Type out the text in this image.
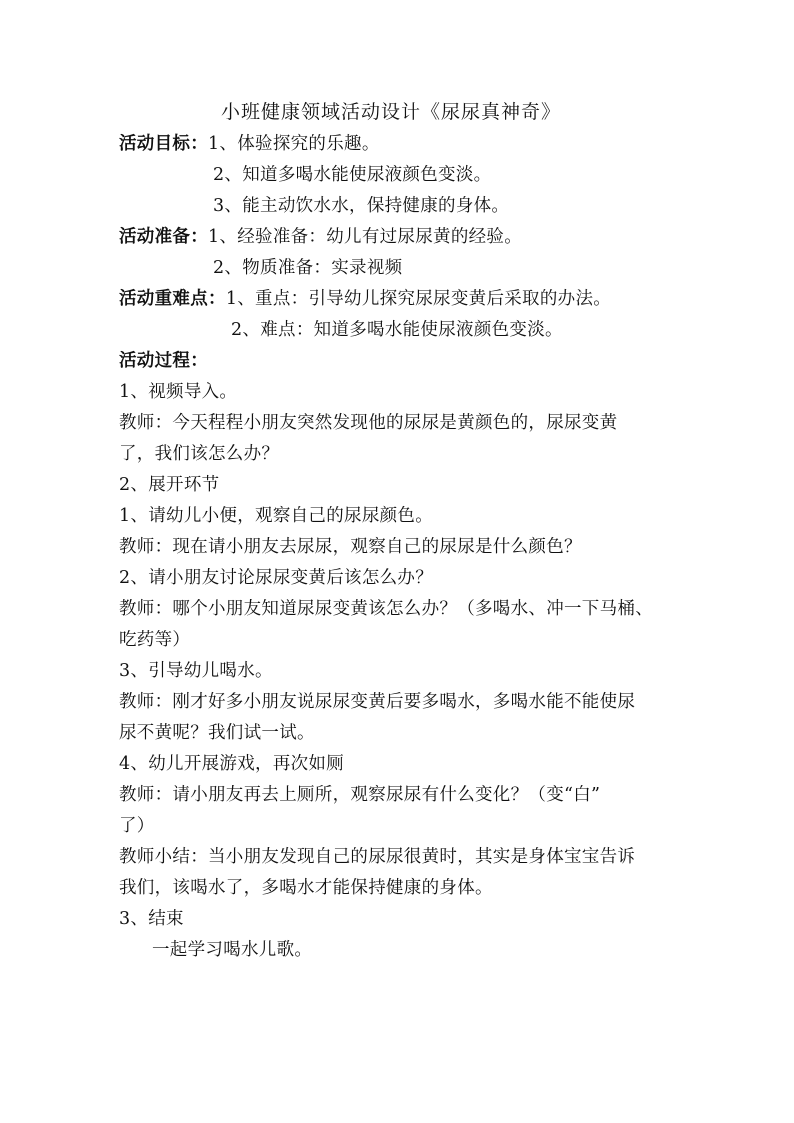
小班健康领域活动设计《尿尿真神奇》
活动目标：1、体验探究的乐趣。
2、知道多喝水能使尿液颜色变淡。
3、能主动饮水水，保持健康的身体。
活动准备：1、经验准备：幼儿有过尿尿黄的经验。
2、物质准备：实录视频
活动重难点：1、重点：引导幼儿探究尿尿变黄后采取的办法。
2、难点：知道多喝水能使尿液颜色变淡。
活动过程：
1、视频导入。
教师：今天程程小朋友突然发现他的尿尿是黄颜色的，尿尿变黄
了，我们该怎么办？
2、展开环节
1、请幼儿小便，观察自己的尿尿颜色。
教师：现在请小朋友去尿尿，观察自己的尿尿是什么颜色？
2、请小朋友讨论尿尿变黄后该怎么办？
教师：哪个小朋友知道尿尿变黄该怎么办？（多喝水、冲一下马桶、
吃药等）
3、引导幼儿喝水。
教师：刚才好多小朋友说尿尿变黄后要多喝水，多喝水能不能使尿
尿不黄呢？我们试一试。
4、幼儿开展游戏，再次如厕
教师：请小朋友再去上厕所，观察尿尿有什么变化？（变“白”
了）
教师小结：当小朋友发现自己的尿尿很黄时，其实是身体宝宝告诉
我们，该喝水了，多喝水才能保持健康的身体。
3、结束
一起学习喝水儿歌。
